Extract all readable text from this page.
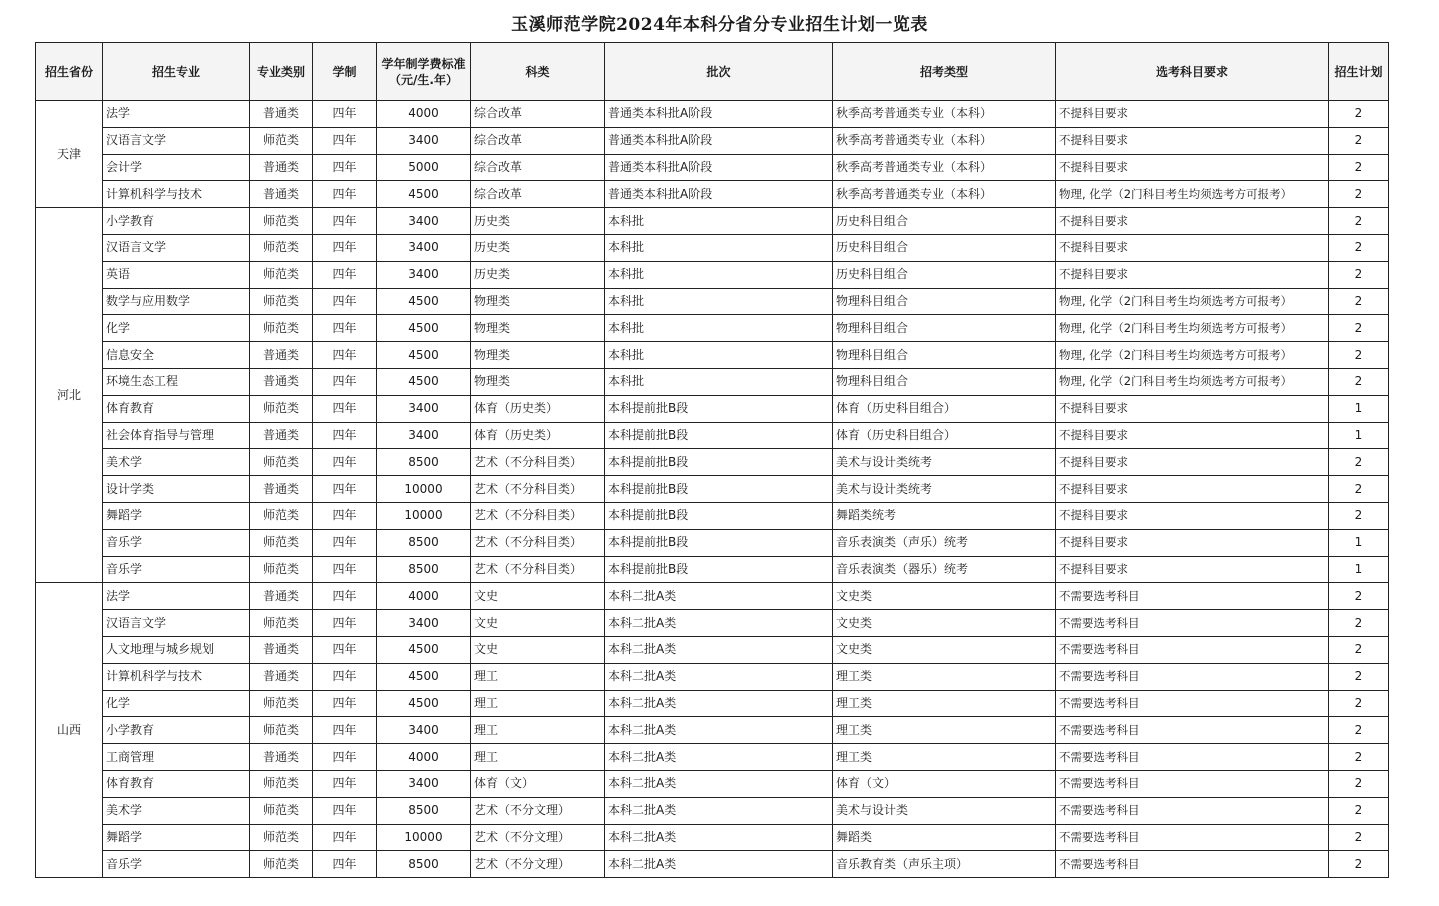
玉溪师范学院2024年本科分省分专业招生计划一览表
招生省份	招生专业	专业类别	学制	学年制学费标准（元/生.年）	科类	批次	招考类型	选考科目要求	招生计划
天津	法学	普通类	四年	4000	综合改革	普通类本科批A阶段	秋季高考普通类专业（本科）	不提科目要求	2
	汉语言文学	师范类	四年	3400	综合改革	普通类本科批A阶段	秋季高考普通类专业（本科）	不提科目要求	2
	会计学	普通类	四年	5000	综合改革	普通类本科批A阶段	秋季高考普通类专业（本科）	不提科目要求	2
	计算机科学与技术	普通类	四年	4500	综合改革	普通类本科批A阶段	秋季高考普通类专业（本科）	物理, 化学（2门科目考生均须选考方可报考）	2
河北	小学教育	师范类	四年	3400	历史类	本科批	历史科目组合	不提科目要求	2
	汉语言文学	师范类	四年	3400	历史类	本科批	历史科目组合	不提科目要求	2
	英语	师范类	四年	3400	历史类	本科批	历史科目组合	不提科目要求	2
	数学与应用数学	师范类	四年	4500	物理类	本科批	物理科目组合	物理, 化学（2门科目考生均须选考方可报考）	2
	化学	师范类	四年	4500	物理类	本科批	物理科目组合	物理, 化学（2门科目考生均须选考方可报考）	2
	信息安全	普通类	四年	4500	物理类	本科批	物理科目组合	物理, 化学（2门科目考生均须选考方可报考）	2
	环境生态工程	普通类	四年	4500	物理类	本科批	物理科目组合	物理, 化学（2门科目考生均须选考方可报考）	2
	体育教育	师范类	四年	3400	体育（历史类）	本科提前批B段	体育（历史科目组合）	不提科目要求	1
	社会体育指导与管理	普通类	四年	3400	体育（历史类）	本科提前批B段	体育（历史科目组合）	不提科目要求	1
	美术学	师范类	四年	8500	艺术（不分科目类）	本科提前批B段	美术与设计类统考	不提科目要求	2
	设计学类	普通类	四年	10000	艺术（不分科目类）	本科提前批B段	美术与设计类统考	不提科目要求	2
	舞蹈学	师范类	四年	10000	艺术（不分科目类）	本科提前批B段	舞蹈类统考	不提科目要求	2
	音乐学	师范类	四年	8500	艺术（不分科目类）	本科提前批B段	音乐表演类（声乐）统考	不提科目要求	1
	音乐学	师范类	四年	8500	艺术（不分科目类）	本科提前批B段	音乐表演类（器乐）统考	不提科目要求	1
山西	法学	普通类	四年	4000	文史	本科二批A类	文史类	不需要选考科目	2
	汉语言文学	师范类	四年	3400	文史	本科二批A类	文史类	不需要选考科目	2
	人文地理与城乡规划	普通类	四年	4500	文史	本科二批A类	文史类	不需要选考科目	2
	计算机科学与技术	普通类	四年	4500	理工	本科二批A类	理工类	不需要选考科目	2
	化学	师范类	四年	4500	理工	本科二批A类	理工类	不需要选考科目	2
	小学教育	师范类	四年	3400	理工	本科二批A类	理工类	不需要选考科目	2
	工商管理	普通类	四年	4000	理工	本科二批A类	理工类	不需要选考科目	2
	体育教育	师范类	四年	3400	体育（文）	本科二批A类	体育（文）	不需要选考科目	2
	美术学	师范类	四年	8500	艺术（不分文理）	本科二批A类	美术与设计类	不需要选考科目	2
	舞蹈学	师范类	四年	10000	艺术（不分文理）	本科二批A类	舞蹈类	不需要选考科目	2
	音乐学	师范类	四年	8500	艺术（不分文理）	本科二批A类	音乐教育类（声乐主项）	不需要选考科目	2
